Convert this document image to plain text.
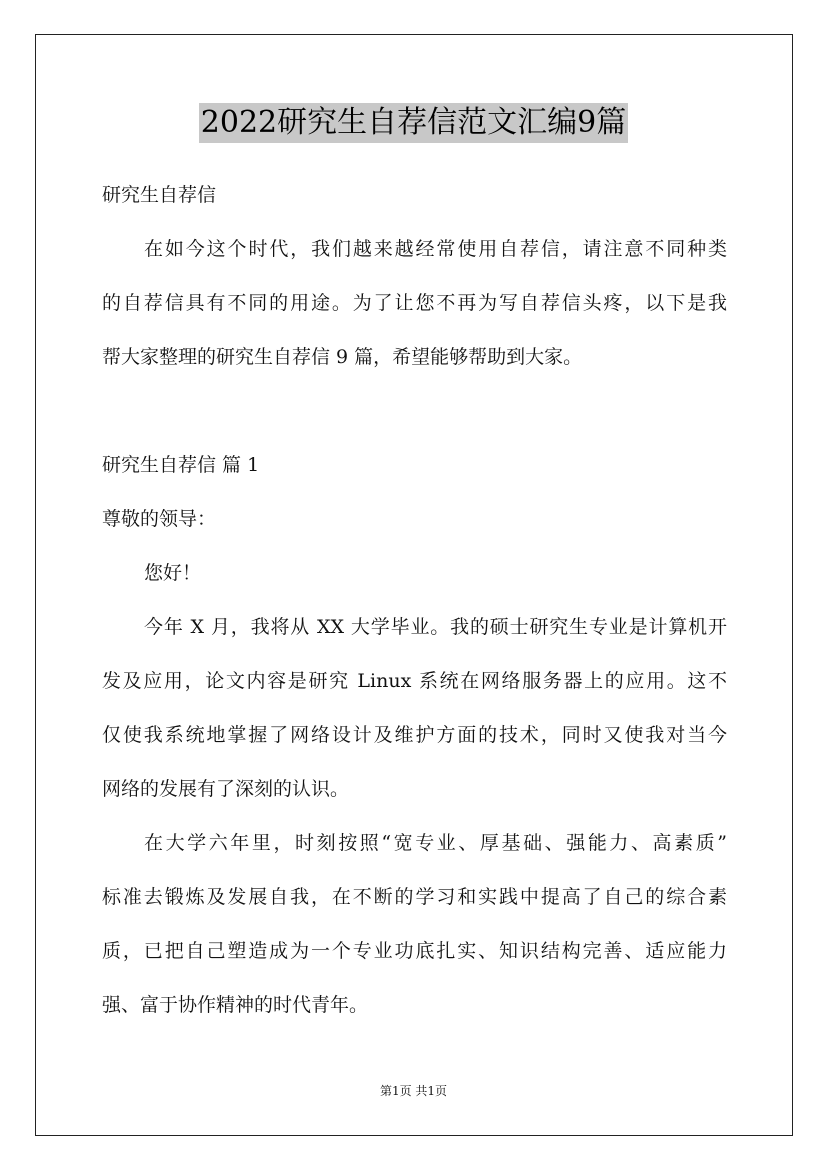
2022研究生自荐信范文汇编9篇
研究生自荐信
在如今这个时代，我们越来越经常使用自荐信，请注意不同种类
的自荐信具有不同的用途。为了让您不再为写自荐信头疼，以下是我
帮大家整理的研究生自荐信 9 篇，希望能够帮助到大家。
研究生自荐信 篇 1
尊敬的领导：
您好！
今年 X 月，我将从 XX 大学毕业。我的硕士研究生专业是计算机开
发及应用，论文内容是研究 Linux 系统在网络服务器上的应用。这不
仅使我系统地掌握了网络设计及维护方面的技术，同时又使我对当今
网络的发展有了深刻的认识。
在大学六年里，时刻按照“宽专业、厚基础、强能力、高素质”
标准去锻炼及发展自我，在不断的学习和实践中提高了自己的综合素
质，已把自己塑造成为一个专业功底扎实、知识结构完善、适应能力
强、富于协作精神的时代青年。
第1页 共1页
